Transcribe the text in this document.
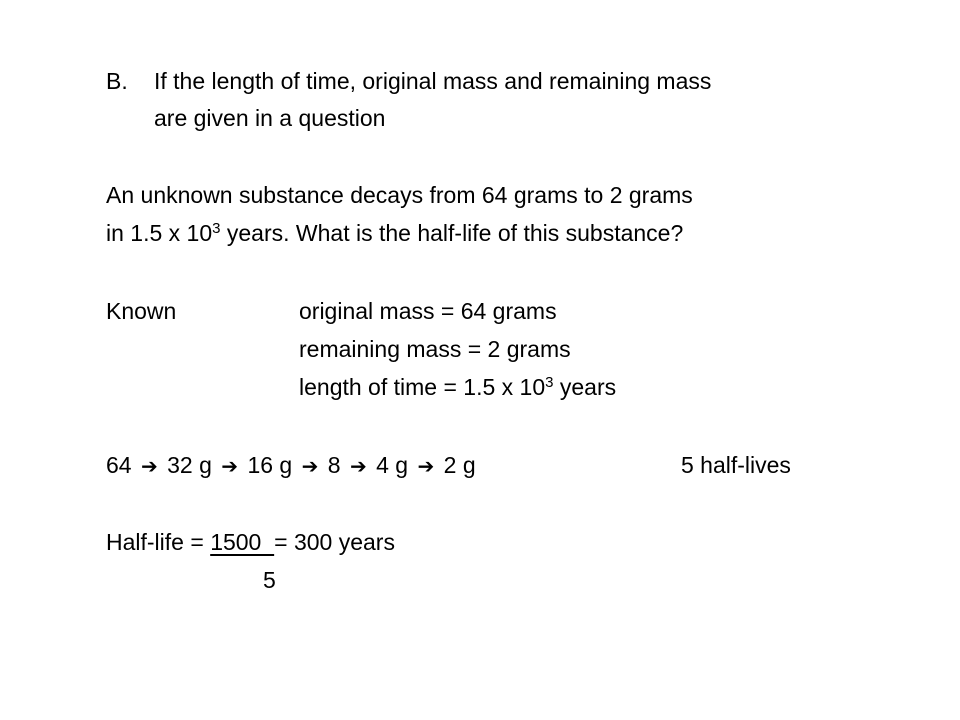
B. If the length of time, original mass and remaining mass
are given in a question
An unknown substance decays from 64 grams to 2 grams
in 1.5 x $10^3$ years. What is the half-life of this substance?
Known	original mass = 64 grams
remaining mass = 2 grams
length of time = 1.5 x $10^3$ years
64 ➔ 32 g ➔ 16 g ➔ 8 ➔ 4 g ➔ 2 g	5 half-lives
Half-life = 1500  = 300 years
5
